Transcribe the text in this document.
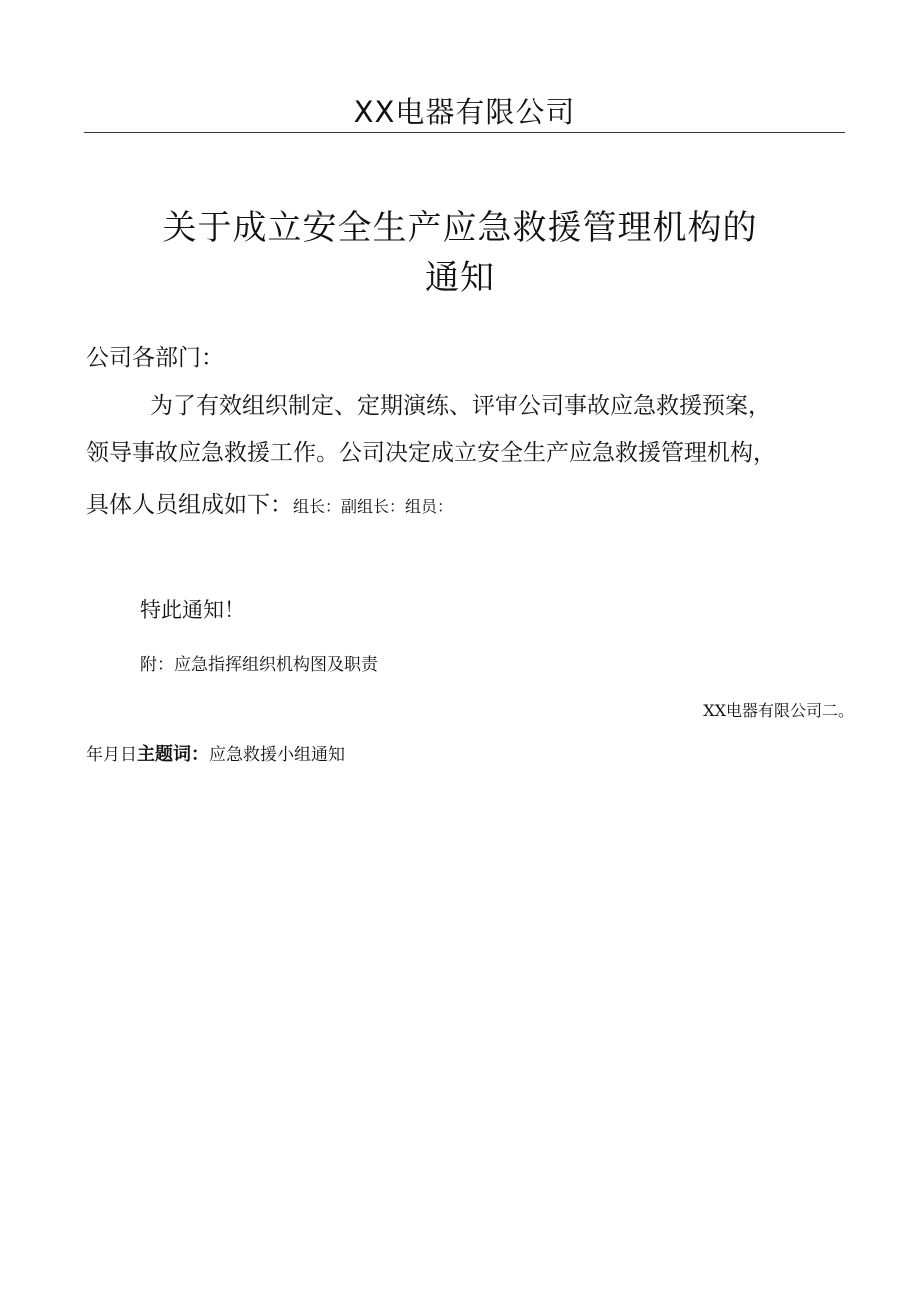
XX电器有限公司
关于成立安全生产应急救援管理机构的
通知
公司各部门：
为了有效组织制定、定期演练、评审公司事故应急救援预案，
领导事故应急救援工作。公司决定成立安全生产应急救援管理机构，
具体人员组成如下：组长：副组长：组员：
特此通知！
附：应急指挥组织机构图及职责
XX电器有限公司二。
年月日主题词：应急救援小组通知
